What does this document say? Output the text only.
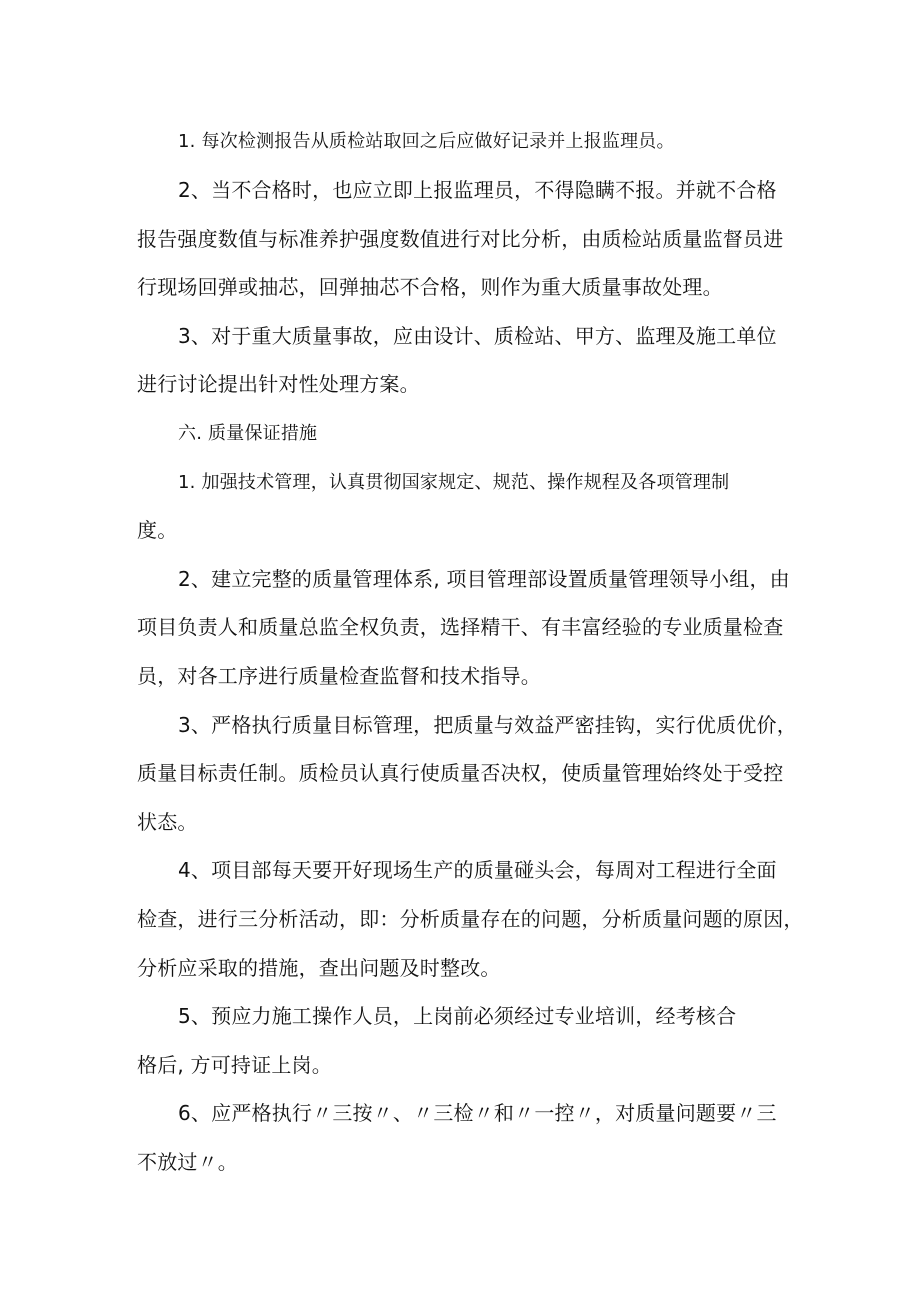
1. 每次检测报告从质检站取回之后应做好记录并上报监理员。
2、当不合格时，也应立即上报监理员，不得隐瞒不报。并就不合格
报告强度数值与标准养护强度数值进行对比分析，由质检站质量监督员进
行现场回弹或抽芯，回弹抽芯不合格，则作为重大质量事故处理。
3、对于重大质量事故，应由设计、质检站、甲方、监理及施工单位
进行讨论提出针对性处理方案。
六. 质量保证措施
1. 加强技术管理，认真贯彻国家规定、规范、操作规程及各项管理制
度。
2、建立完整的质量管理体系, 项目管理部设置质量管理领导小组，由
项目负责人和质量总监全权负责，选择精干、有丰富经验的专业质量检查
员，对各工序进行质量检查监督和技术指导。
3、严格执行质量目标管理，把质量与效益严密挂钩，实行优质优价，
质量目标责任制。质检员认真行使质量否决权，使质量管理始终处于受控
状态。
4、项目部每天要开好现场生产的质量碰头会，每周对工程进行全面
检查，进行三分析活动，即：分析质量存在的问题，分析质量问题的原因，
分析应采取的措施，查出问题及时整改。
5、预应力施工操作人员，上岗前必须经过专业培训，经考核合
格后, 方可持证上岗。
6、应严格执行〃三按〃、〃三检〃和〃一控〃，对质量问题要〃三
不放过〃。
